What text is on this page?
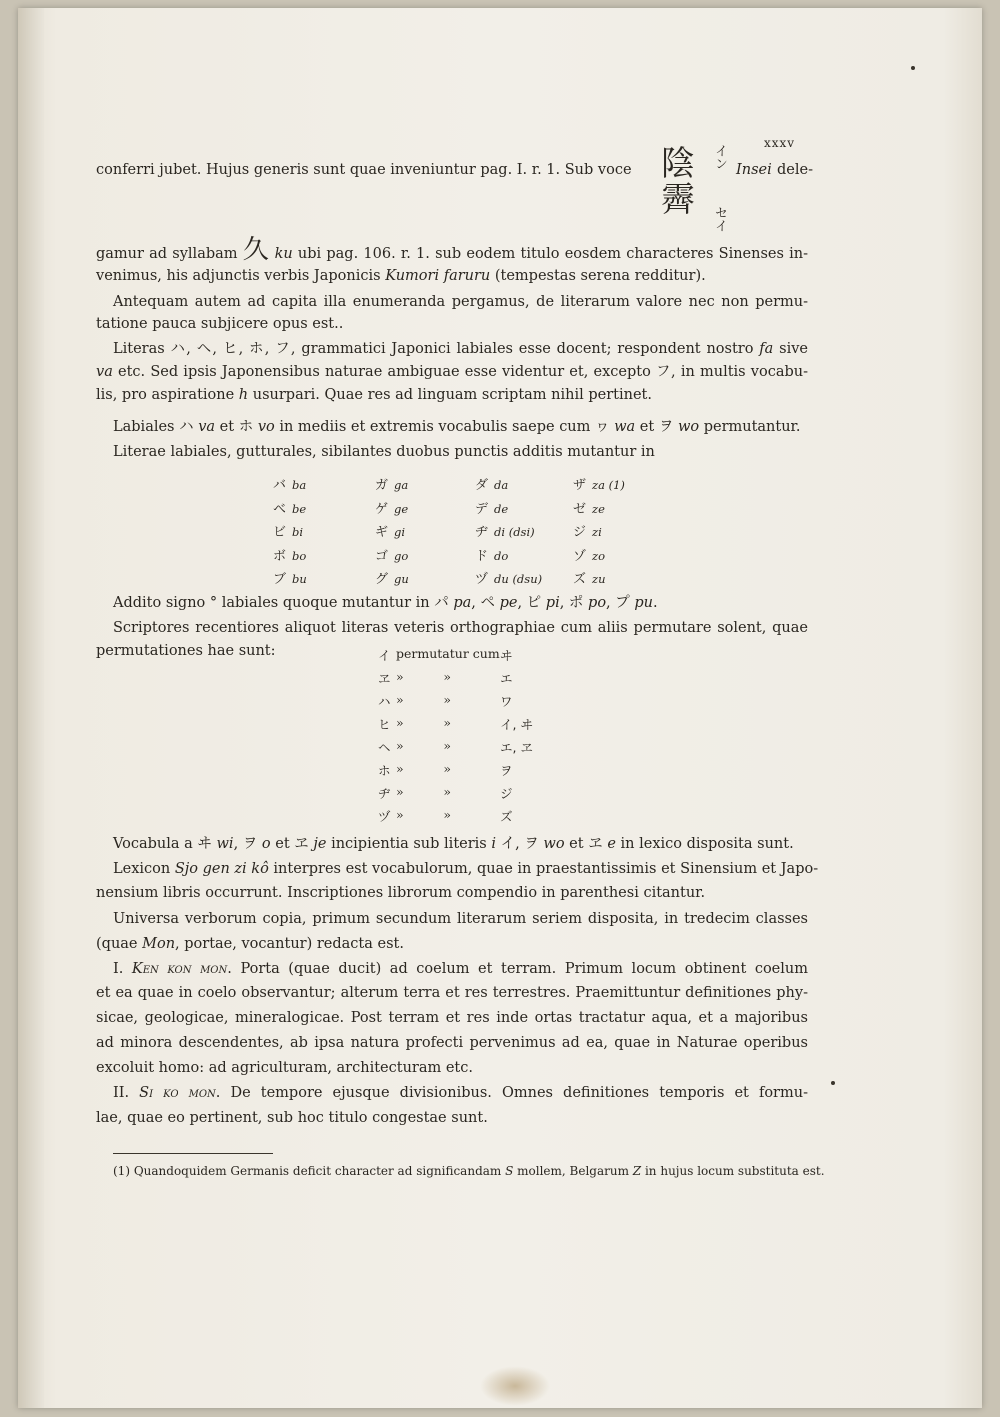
xxxv
陰
霽
イン
セイ
conferri jubet. Hujus generis sunt quae inveniuntur pag. I. r. 1. Sub voce	Insei dele-
gamur ad syllabam 久 ku ubi pag. 106. r. 1. sub eodem titulo eosdem characteres Sinenses in-
venimus, his adjunctis verbis Japonicis Kumori faruru (tempestas serena redditur).
Antequam autem ad capita illa enumeranda pergamus, de literarum valore nec non permu-
tatione pauca subjicere opus est..
Literas ハ, ヘ, ヒ, ホ, フ, grammatici Japonici labiales esse docent; respondent nostro fa sive
va etc. Sed ipsis Japonensibus naturae ambiguae esse videntur et, excepto フ, in multis vocabu-
lis, pro aspiratione h usurpari. Quae res ad linguam scriptam nihil pertinet.
Labiales ハ va et ホ vo in mediis et extremis vocabulis saepe cum ヮ wa et ヲ wo permutantur.
Literae labiales, gutturales, sibilantes duobus punctis additis mutantur in
バ ba	ガ ga	ダ da	ザ za (1)
ベ be	ゲ ge	デ de	ゼ ze
ビ bi	ギ gi	ヂ di (dsi)	ジ zi
ボ bo	ゴ go	ド do	ゾ zo
ブ bu	グ gu	ヅ du (dsu) ズ zu
Addito signo ° labiales quoque mutantur in パ pa, ペ pe, ピ pi, ポ po, プ pu.
Scriptores recentiores aliquot literas veteris orthographiae cum aliis permutare solent, quae
permutationes hae sunt:	イ permutatur cum ヰ
ヱ »          »	エ
ハ »          »	ワ
ヒ »          »	イ, ヰ
ヘ »          »	エ, ヱ
ホ »          »	ヲ
ヂ »          »	ジ
ヅ »          »	ズ
Vocabula a ヰ wi, ヲ o et ヱ je incipientia sub literis i イ, ヲ wo et ヱ e in lexico disposita sunt.
Lexicon Sjo gen zi kô interpres est vocabulorum, quae in praestantissimis et Sinensium et Japo-
nensium libris occurrunt. Inscriptiones librorum compendio in parenthesi citantur.
Universa verborum copia, primum secundum literarum seriem disposita, in tredecim classes
(quae Mon, portae, vocantur) redacta est.
I. Ken kon mon. Porta (quae ducit) ad coelum et terram. Primum locum obtinent coelum
et ea quae in coelo observantur; alterum terra et res terrestres. Praemittuntur definitiones phy-
sicae, geologicae, mineralogicae. Post terram et res inde ortas tractatur aqua, et a majoribus
ad minora descendentes, ab ipsa natura profecti pervenimus ad ea, quae in Naturae operibus
excoluit homo: ad agriculturam, architecturam etc.
II. Si ko mon. De tempore ejusque divisionibus. Omnes definitiones temporis et formu-
lae, quae eo pertinent, sub hoc titulo congestae sunt.
(1) Quandoquidem Germanis deficit character ad significandam S mollem, Belgarum Z in hujus locum substituta est.
